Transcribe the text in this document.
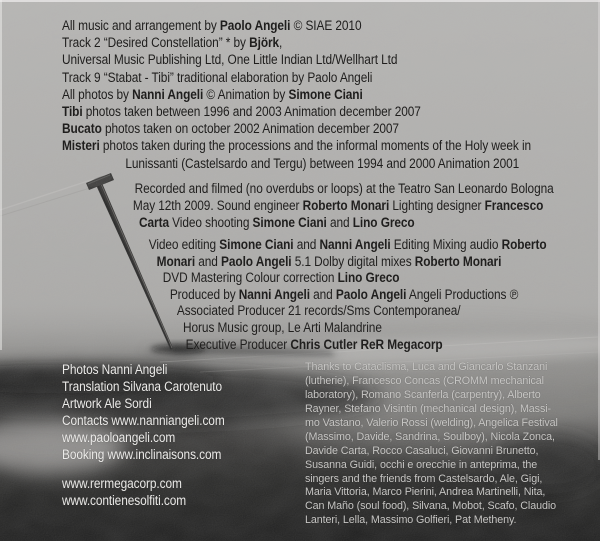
All music and arrangement by Paolo Angeli © SIAE 2010
Track 2 “Desired Constellation” * by Björk,
Universal Music Publishing Ltd, One Little Indian Ltd/Wellhart Ltd
Track 9 “Stabat - Tibi” traditional elaboration by Paolo Angeli
All photos by Nanni Angeli © Animation by Simone Ciani
Tibi photos taken between 1996 and 2003 Animation december 2007
Bucato photos taken on october 2002 Animation december 2007
Misteri photos taken during the processions and the informal moments of the Holy week in
Lunissanti (Castelsardo and Tergu) between 1994 and 2000 Animation 2001
Recorded and filmed (no overdubs or loops) at the Teatro San Leonardo Bologna
May 12th 2009. Sound engineer Roberto Monari Lighting designer Francesco
Carta Video shooting Simone Ciani and Lino Greco
Video editing Simone Ciani and Nanni Angeli Editing Mixing audio Roberto
Monari and Paolo Angeli 5.1 Dolby digital mixes Roberto Monari
DVD Mastering Colour correction Lino Greco
Produced by Nanni Angeli and Paolo Angeli Angeli Productions ℗
Associated Producer 21 records/Sms Contemporanea/
Horus Music group, Le Arti Malandrine
Executive Producer Chris Cutler ReR Megacorp
Photos Nanni Angeli
Translation Silvana Carotenuto
Artwork Ale Sordi
Contacts www.nanniangeli.com
www.paoloangeli.com
Booking www.inclinaisons.com
www.rermegacorp.com
www.contienesolfiti.com
Thanks to Cataclisma, Luca and Giancarlo Stanzani
(lutherie), Francesco Concas (CROMM mechanical
laboratory), Romano Scanferla (carpentry), Alberto
Rayner, Stefano Visintin (mechanical design), Massi-
mo Vastano, Valerio Rossi (welding), Angelica Festival
(Massimo, Davide, Sandrina, Soulboy), Nicola Zonca,
Davide Carta, Rocco Casaluci, Giovanni Brunetto,
Susanna Guidi, occhi e orecchie in anteprima, the
singers and the friends from Castelsardo, Ale, Gigi,
Maria Vittoria, Marco Pierini, Andrea Martinelli, Nita,
Can Maño (soul food), Silvana, Mobot, Scafo, Claudio
Lanteri, Lella, Massimo Golfieri, Pat Metheny.
